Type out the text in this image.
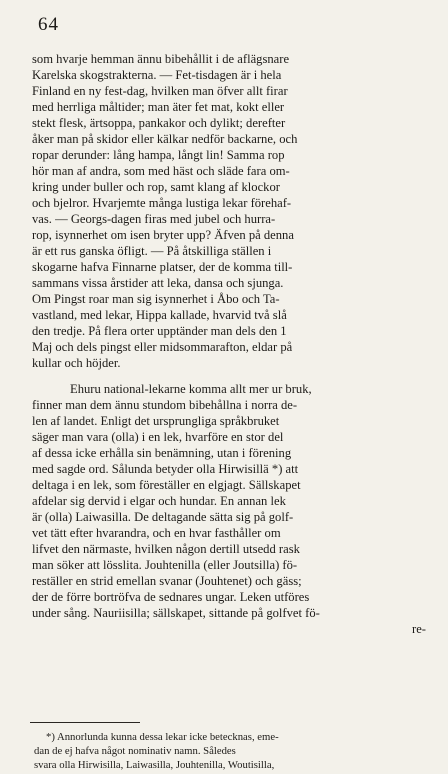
64
som hvarje hemman ännu bibehållit i de aflägsnare
Karelska skogstrakterna. — Fet-tisdagen är i hela
Finland en ny fest-dag, hvilken man öfver allt firar
med herrliga måltider; man äter fet mat, kokt eller
stekt flesk, ärtsoppa, pankakor och dylikt; derefter
åker man på skidor eller kälkar nedför backarne, och
ropar derunder: lång hampa, långt lin! Samma rop
hör man af andra, som med häst och släde fara om-
kring under buller och rop, samt klang af klockor
och bjelror. Hvarjemte många lustiga lekar förehaf-
vas. — Georgs-dagen firas med jubel och hurra-
rop, isynnerhet om isen bryter upp? Äfven på denna
är ett rus ganska öfligt. — På åtskilliga ställen i
skogarne hafva Finnarne platser, der de komma till-
sammans vissa årstider att leka, dansa och sjunga.
Om Pingst roar man sig isynnerhet i Åbo och Ta-
vastland, med lekar, Hippa kallade, hvarvid två slå
den tredje. På flera orter upptänder man dels den 1
Maj och dels pingst eller midsommarafton, eldar på
kullar och höjder.
Ehuru national-lekarne komma allt mer ur bruk,
finner man dem ännu stundom bibehållna i norra de-
len af landet. Enligt det ursprungliga språkbruket
säger man vara (olla) i en lek, hvarföre en stor del
af dessa icke erhålla sin benämning, utan i förening
med sagde ord. Sålunda betyder olla Hirwisillä *) att
deltaga i en lek, som föreställer en elgjagt. Sällskapet
afdelar sig dervid i elgar och hundar. En annan lek
är (olla) Laiwasilla. De deltagande sätta sig på golf-
vet tätt efter hvarandra, och en hvar fasthåller om
lifvet den närmaste, hvilken någon dertill utsedd rask
man söker att lösslita. Jouhtenilla (eller Joutsilla) fö-
reställer en strid emellan svanar (Jouhtenet) och gäss;
der de förre bortröfva de sednares ungar. Leken utföres
under sång. Nauriisilla; sällskapet, sittande på golfvet fö-
re-
*) Annorlunda kunna dessa lekar icke betecknas, eme-
dan de ej hafva något nominativ namn. Således
svara olla Hirwisilla, Laiwasilla, Jouhtenilla, Woutisilla,
